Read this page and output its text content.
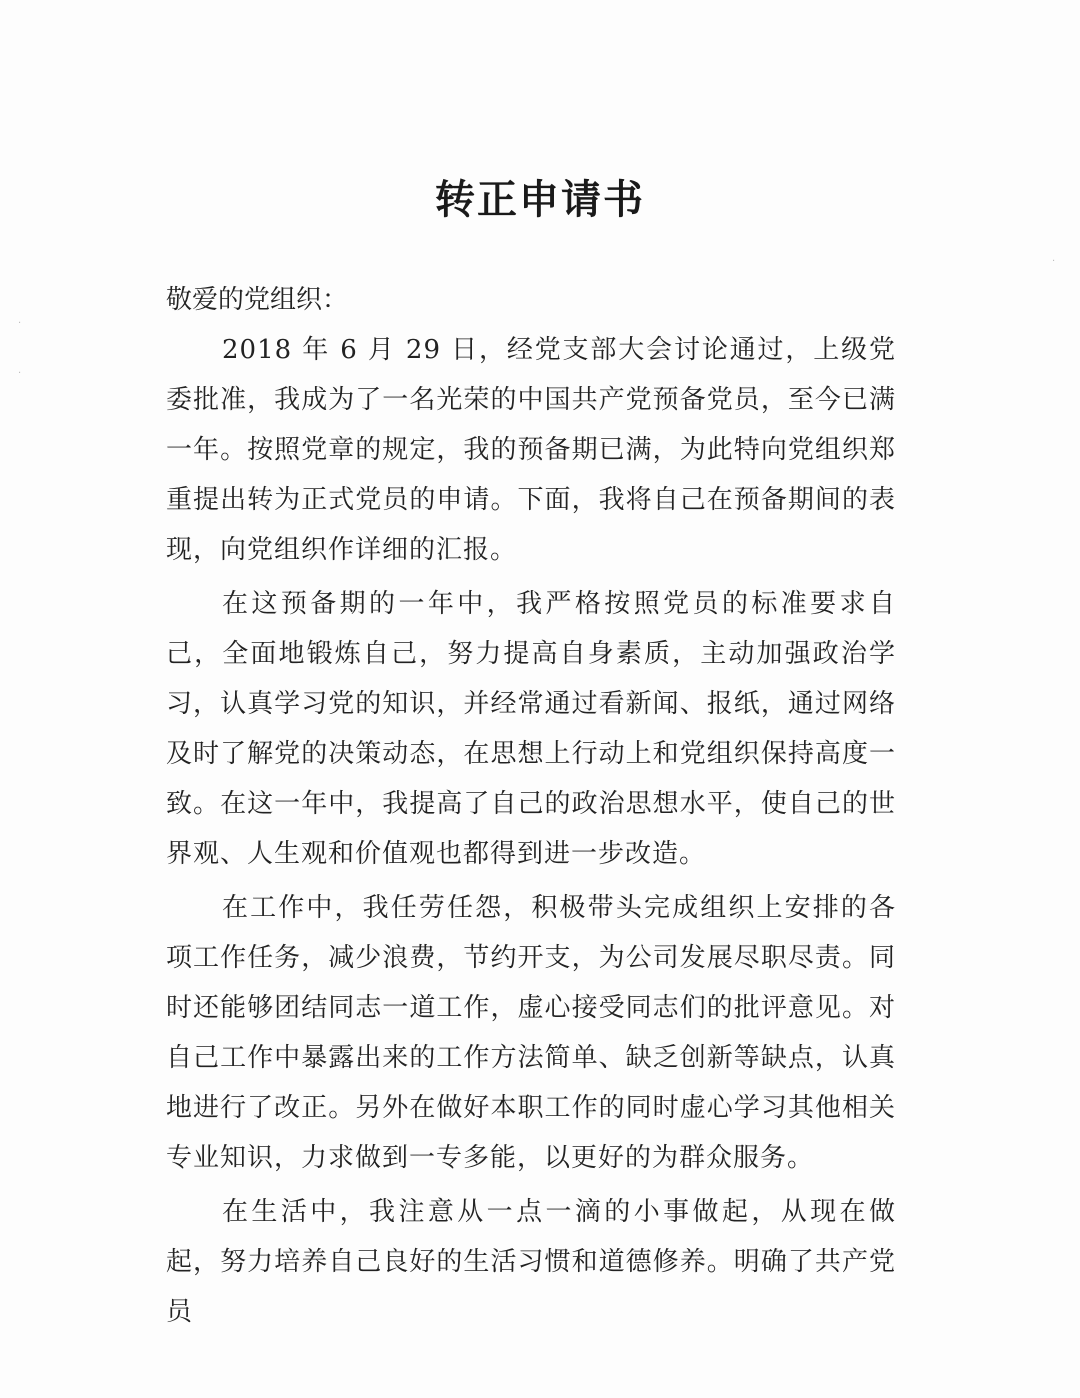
·
·
·
转正申请书
敬爱的党组织：

2018 年 6 月 29 日，经党支部大会讨论通过，上级党委批准，我成为了一名光荣的中国共产党预备党员，至今已满一年。按照党章的规定，我的预备期已满，为此特向党组织郑重提出转为正式党员的申请。下面，我将自己在预备期间的表现，向党组织作详细的汇报。

在这预备期的一年中，我严格按照党员的标准要求自己，全面地锻炼自己，努力提高自身素质，主动加强政治学习，认真学习党的知识，并经常通过看新闻、报纸，通过网络及时了解党的决策动态，在思想上行动上和党组织保持高度一致。在这一年中，我提高了自己的政治思想水平，使自己的世界观、人生观和价值观也都得到进一步改造。

在工作中，我任劳任怨，积极带头完成组织上安排的各项工作任务，减少浪费，节约开支，为公司发展尽职尽责。同时还能够团结同志一道工作，虚心接受同志们的批评意见。对自己工作中暴露出来的工作方法简单、缺乏创新等缺点，认真地进行了改正。另外在做好本职工作的同时虚心学习其他相关专业知识，力求做到一专多能，以更好的为群众服务。

在生活中，我注意从一点一滴的小事做起，从现在做起，努力培养自己良好的生活习惯和道德修养。明确了共产党员
